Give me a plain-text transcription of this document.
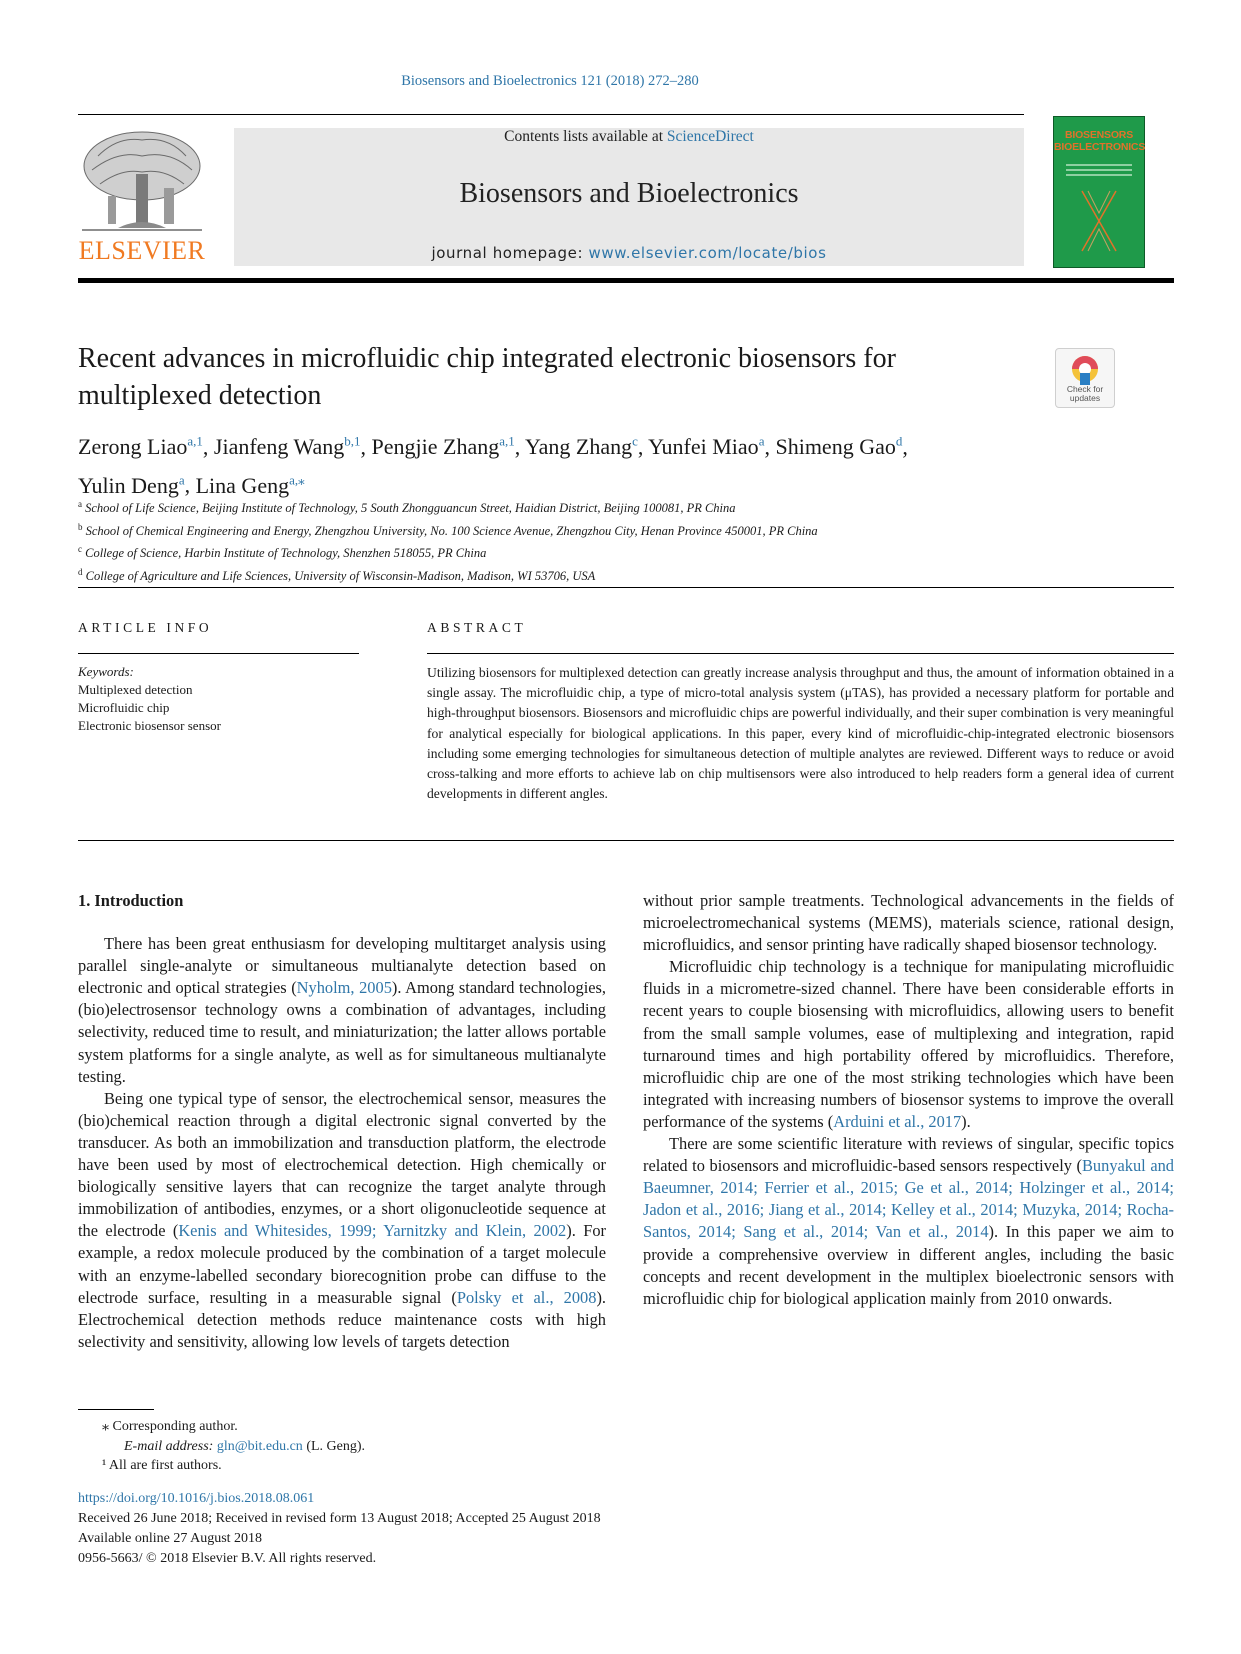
Biosensors and Bioelectronics 121 (2018) 272–280
ELSEVIER
Contents lists available at ScienceDirect
Biosensors and Bioelectronics
journal homepage: www.elsevier.com/locate/bios
BIOSENSORS
BIOELECTRONICS
Recent advances in microfluidic chip integrated electronic biosensors for multiplexed detection	Check for
updates
Zerong Liao$^{a,1}$, Jianfeng Wang$^{b,1}$, Pengjie Zhang$^{a,1}$, Yang Zhang$^c$, Yunfei Miao$^a$, Shimeng Gao$^d$,
Yulin Deng$^a$, Lina Geng$^{a,⁎}$
$^a$ School of Life Science, Beijing Institute of Technology, 5 South Zhongguancun Street, Haidian District, Beijing 100081, PR China
$^b$ School of Chemical Engineering and Energy, Zhengzhou University, No. 100 Science Avenue, Zhengzhou City, Henan Province 450001, PR China
$^c$ College of Science, Harbin Institute of Technology, Shenzhen 518055, PR China
$^d$ College of Agriculture and Life Sciences, University of Wisconsin-Madison, Madison, WI 53706, USA
ARTICLE INFO	ABSTRACT
Keywords:
Multiplexed detection
Microfluidic chip
Electronic biosensor sensor
Utilizing biosensors for multiplexed detection can greatly increase analysis throughput and thus, the amount of information obtained in a single assay. The microfluidic chip, a type of micro-total analysis system (μTAS), has provided a necessary platform for portable and high-throughput biosensors. Biosensors and microfluidic chips are powerful individually, and their super combination is very meaningful for analytical especially for biological applications. In this paper, every kind of microfluidic-chip-integrated electronic biosensors including some emerging technologies for simultaneous detection of multiple analytes are reviewed. Different ways to reduce or avoid cross-talking and more efforts to achieve lab on chip multisensors were also introduced to help readers form a general idea of current developments in different angles.

1. Introduction

There has been great enthusiasm for developing multitarget analysis using parallel single-analyte or simultaneous multianalyte detection based on electronic and optical strategies (Nyholm, 2005). Among standard technologies, (bio)electrosensor technology owns a combination of advantages, including selectivity, reduced time to result, and miniaturization; the latter allows portable system platforms for a single analyte, as well as for simultaneous multianalyte testing.

Being one typical type of sensor, the electrochemical sensor, measures the (bio)chemical reaction through a digital electronic signal converted by the transducer. As both an immobilization and transduction platform, the electrode have been used by most of electrochemical detection. High chemically or biologically sensitive layers that can recognize the target analyte through immobilization of antibodies, enzymes, or a short oligonucleotide sequence at the electrode (Kenis and Whitesides, 1999; Yarnitzky and Klein, 2002). For example, a redox molecule produced by the combination of a target molecule with an enzyme-labelled secondary biorecognition probe can diffuse to the electrode surface, resulting in a measurable signal (Polsky et al., 2008). Electrochemical detection methods reduce maintenance costs with high selectivity and sensitivity, allowing low levels of targets detection

without prior sample treatments. Technological advancements in the fields of microelectromechanical systems (MEMS), materials science, rational design, microfluidics, and sensor printing have radically shaped biosensor technology.

Microfluidic chip technology is a technique for manipulating microfluidic fluids in a micrometre-sized channel. There have been considerable efforts in recent years to couple biosensing with microfluidics, allowing users to benefit from the small sample volumes, ease of multiplexing and integration, rapid turnaround times and high portability offered by microfluidics. Therefore, microfluidic chip are one of the most striking technologies which have been integrated with increasing numbers of biosensor systems to improve the overall performance of the systems (Arduini et al., 2017).

There are some scientific literature with reviews of singular, specific topics related to biosensors and microfluidic-based sensors respectively (Bunyakul and Baeumner, 2014; Ferrier et al., 2015; Ge et al., 2014; Holzinger et al., 2014; Jadon et al., 2016; Jiang et al., 2014; Kelley et al., 2014; Muzyka, 2014; Rocha-Santos, 2014; Sang et al., 2014; Van et al., 2014). In this paper we aim to provide a comprehensive overview in different angles, including the basic concepts and recent development in the multiplex bioelectronic sensors with microfluidic chip for biological application mainly from 2010 onwards.

⁎ Corresponding author.
E-mail address: gln@bit.edu.cn (L. Geng).
¹ All are first authors.
https://doi.org/10.1016/j.bios.2018.08.061
Received 26 June 2018; Received in revised form 13 August 2018; Accepted 25 August 2018
Available online 27 August 2018
0956-5663/ © 2018 Elsevier B.V. All rights reserved.
